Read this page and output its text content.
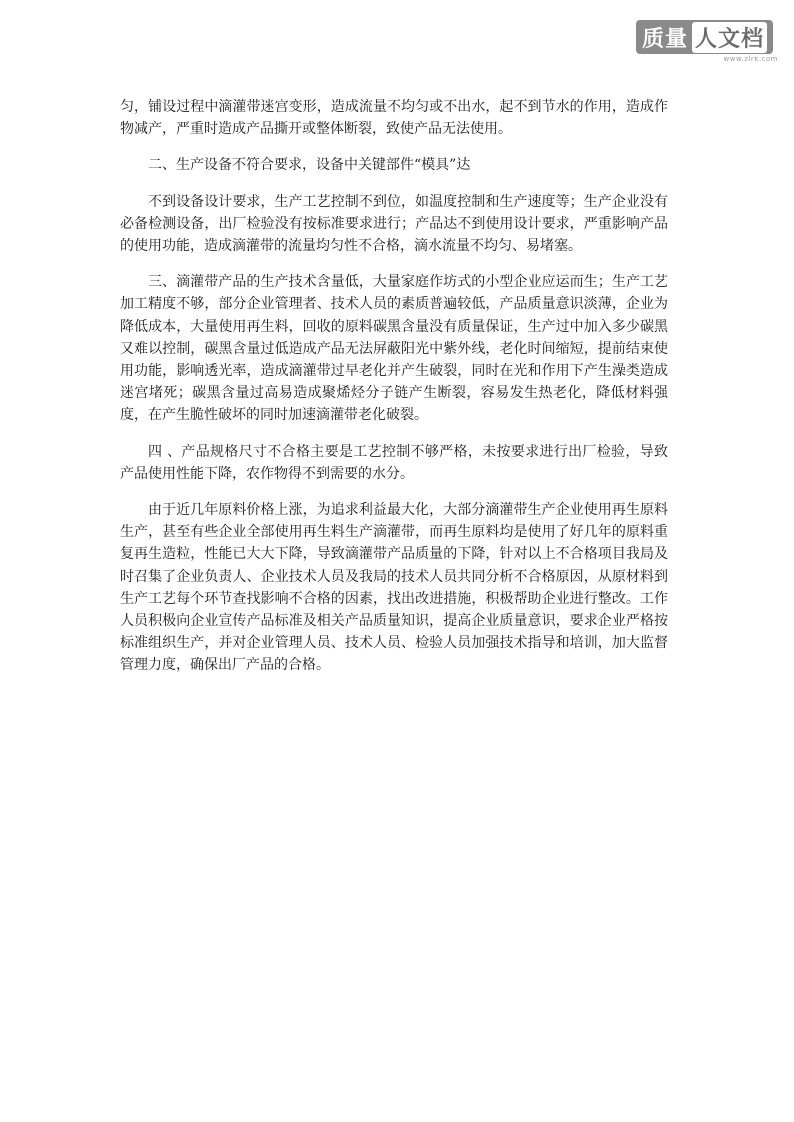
质量 人文档
www.zlrk.com

匀，铺设过程中滴灌带迷宫变形，造成流量不均匀或不出水，起不到节水的作用，造成作物减产，严重时造成产品撕开或整体断裂，致使产品无法使用。

二、生产设备不符合要求，设备中关键部件“模具”达

不到设备设计要求，生产工艺控制不到位，如温度控制和生产速度等；生产企业没有必备检测设备，出厂检验没有按标准要求进行；产品达不到使用设计要求，严重影响产品的使用功能，造成滴灌带的流量均匀性不合格，滴水流量不均匀、易堵塞。

三、滴灌带产品的生产技术含量低，大量家庭作坊式的小型企业应运而生；生产工艺加工精度不够，部分企业管理者、技术人员的素质普遍较低，产品质量意识淡薄，企业为降低成本，大量使用再生料，回收的原料碳黑含量没有质量保证，生产过中加入多少碳黑又难以控制，碳黑含量过低造成产品无法屏蔽阳光中紫外线，老化时间缩短，提前结束使用功能，影响透光率，造成滴灌带过早老化并产生破裂，同时在光和作用下产生澡类造成迷宫堵死；碳黑含量过高易造成聚烯烃分子链产生断裂，容易发生热老化，降低材料强度，在产生脆性破坏的同时加速滴灌带老化破裂。

四 、产品规格尺寸不合格主要是工艺控制不够严格，未按要求进行出厂检验，导致产品使用性能下降，农作物得不到需要的水分。

由于近几年原料价格上涨，为追求利益最大化，大部分滴灌带生产企业使用再生原料生产，甚至有些企业全部使用再生料生产滴灌带，而再生原料均是使用了好几年的原料重复再生造粒，性能已大大下降，导致滴灌带产品质量的下降，针对以上不合格项目我局及时召集了企业负责人、企业技术人员及我局的技术人员共同分析不合格原因，从原材料到生产工艺每个环节查找影响不合格的因素，找出改进措施，积极帮助企业进行整改。工作人员积极向企业宣传产品标准及相关产品质量知识，提高企业质量意识，要求企业严格按标准组织生产，并对企业管理人员、技术人员、检验人员加强技术指导和培训，加大监督管理力度，确保出厂产品的合格。
